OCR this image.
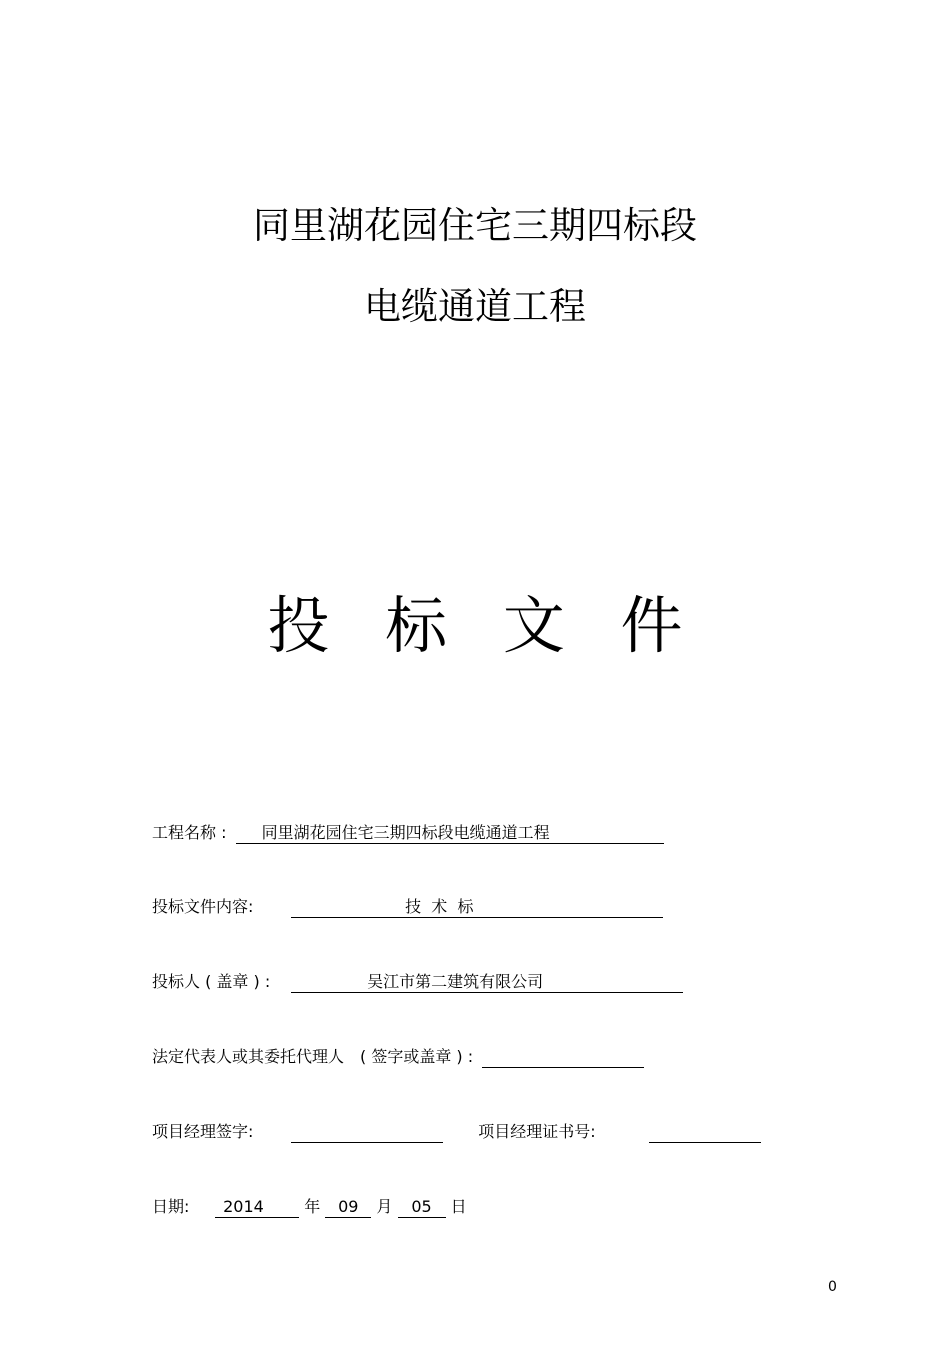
同里湖花园住宅三期四标段
电缆通道工程
投 标 文 件
工程名称 : 同里湖花园住宅三期四标段电缆通道工程
投标文件内容:	技  术  标
投标人 ( 盖章 ) :	吴江市第二建筑有限公司
法定代表人或其委托代理人　( 签字或盖章 ) :
项目经理签字:	项目经理证书号:
日期: 2014	年 09 月 05 日
0
